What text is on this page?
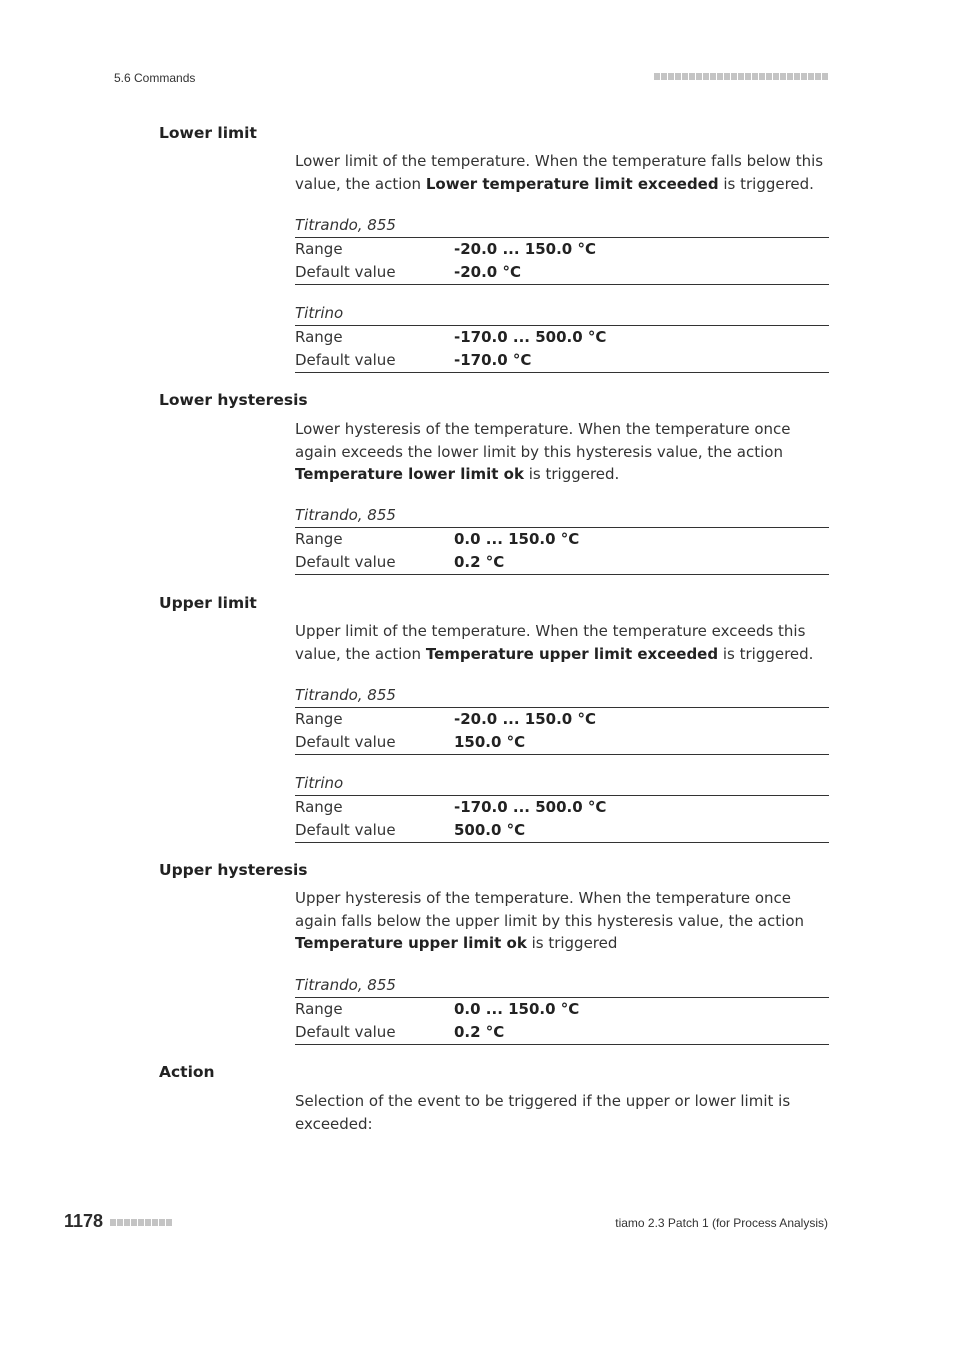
5.6 Commands
Lower limit

Lower limit of the temperature. When the temperature falls below this value, the action Lower temperature limit exceeded is triggered.

Titrando, 855
Range	-20.0 ... 150.0 °C
Default value	-20.0 °C
Titrino
Range	-170.0 ... 500.0 °C
Default value	-170.0 °C
Lower hysteresis

Lower hysteresis of the temperature. When the temperature once again exceeds the lower limit by this hysteresis value, the action Temperature lower limit ok is triggered.

Titrando, 855
Range	0.0 ... 150.0 °C
Default value	0.2 °C
Upper limit

Upper limit of the temperature. When the temperature exceeds this value, the action Temperature upper limit exceeded is triggered.

Titrando, 855
Range	-20.0 ... 150.0 °C
Default value	150.0 °C
Titrino
Range	-170.0 ... 500.0 °C
Default value	500.0 °C
Upper hysteresis

Upper hysteresis of the temperature. When the temperature once again falls below the upper limit by this hysteresis value, the action Temperature upper limit ok is triggered

Titrando, 855
Range	0.0 ... 150.0 °C
Default value	0.2 °C
Action

Selection of the event to be triggered if the upper or lower limit is exceeded:

1178	tiamo 2.3 Patch 1 (for Process Analysis)
